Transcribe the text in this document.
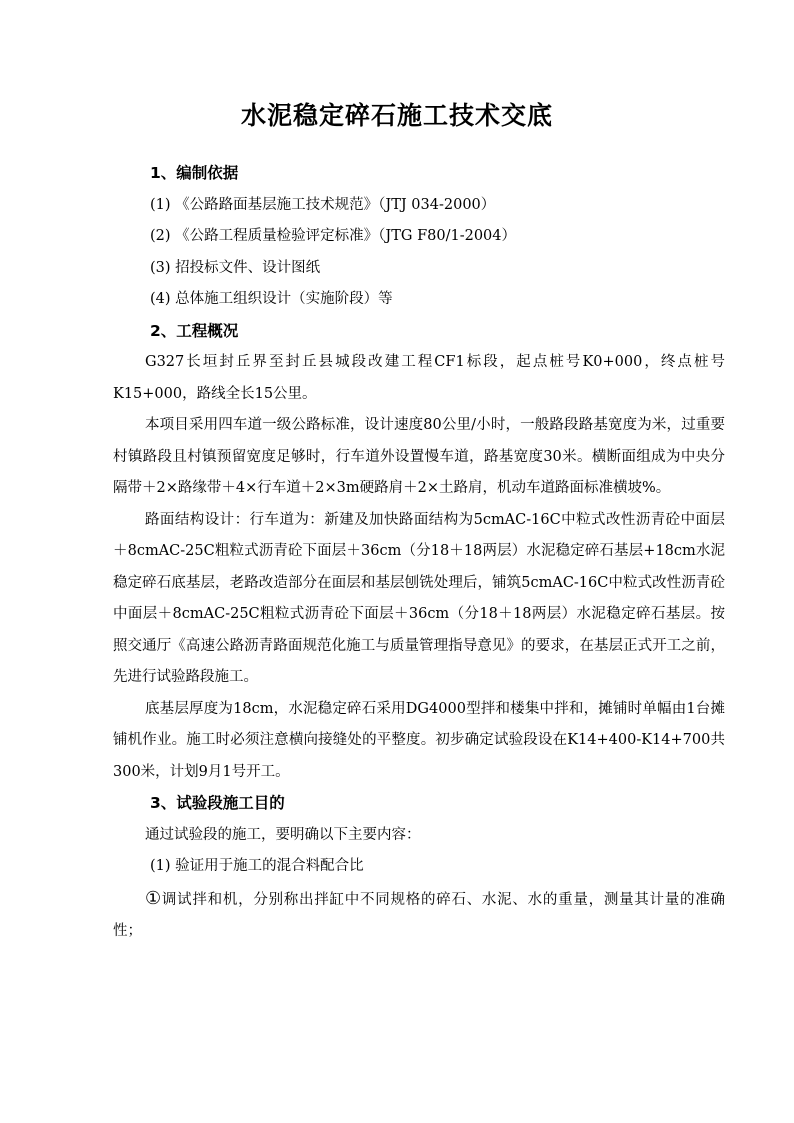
水泥稳定碎石施工技术交底
1、编制依据
(1) 《公路路面基层施工技术规范》（JTJ 034-2000）
(2) 《公路工程质量检验评定标准》（JTG F80/1-2004）
(3) 招投标文件、设计图纸
(4) 总体施工组织设计（实施阶段）等
2、工程概况
G327长垣封丘界至封丘县城段改建工程CF1标段，起点桩号K0+000，终点桩号K15+000，路线全长15公里。
本项目采用四车道一级公路标准，设计速度80公里/小时，一般路段路基宽度为米，过重要村镇路段且村镇预留宽度足够时，行车道外设置慢车道，路基宽度30米。横断面组成为中央分隔带＋2×路缘带＋4×行车道＋2×3m硬路肩＋2×土路肩，机动车道路面标准横坡%。
路面结构设计：行车道为：新建及加快路面结构为5cmAC-16C中粒式改性沥青砼中面层＋8cmAC-25C粗粒式沥青砼下面层＋36cm（分18＋18两层）水泥稳定碎石基层+18cm水泥稳定碎石底基层，老路改造部分在面层和基层刨铣处理后，铺筑5cmAC-16C中粒式改性沥青砼中面层＋8cmAC-25C粗粒式沥青砼下面层＋36cm（分18＋18两层）水泥稳定碎石基层。按照交通厅《高速公路沥青路面规范化施工与质量管理指导意见》的要求，在基层正式开工之前，先进行试验路段施工。
底基层厚度为18cm，水泥稳定碎石采用DG4000型拌和楼集中拌和，摊铺时单幅由1台摊铺机作业。施工时必须注意横向接缝处的平整度。初步确定试验段设在K14+400-K14+700共300米，计划9月1号开工。
3、试验段施工目的
通过试验段的施工，要明确以下主要内容：
(1) 验证用于施工的混合料配合比
①调试拌和机，分别称出拌缸中不同规格的碎石、水泥、水的重量，测量其计量的准确性；
